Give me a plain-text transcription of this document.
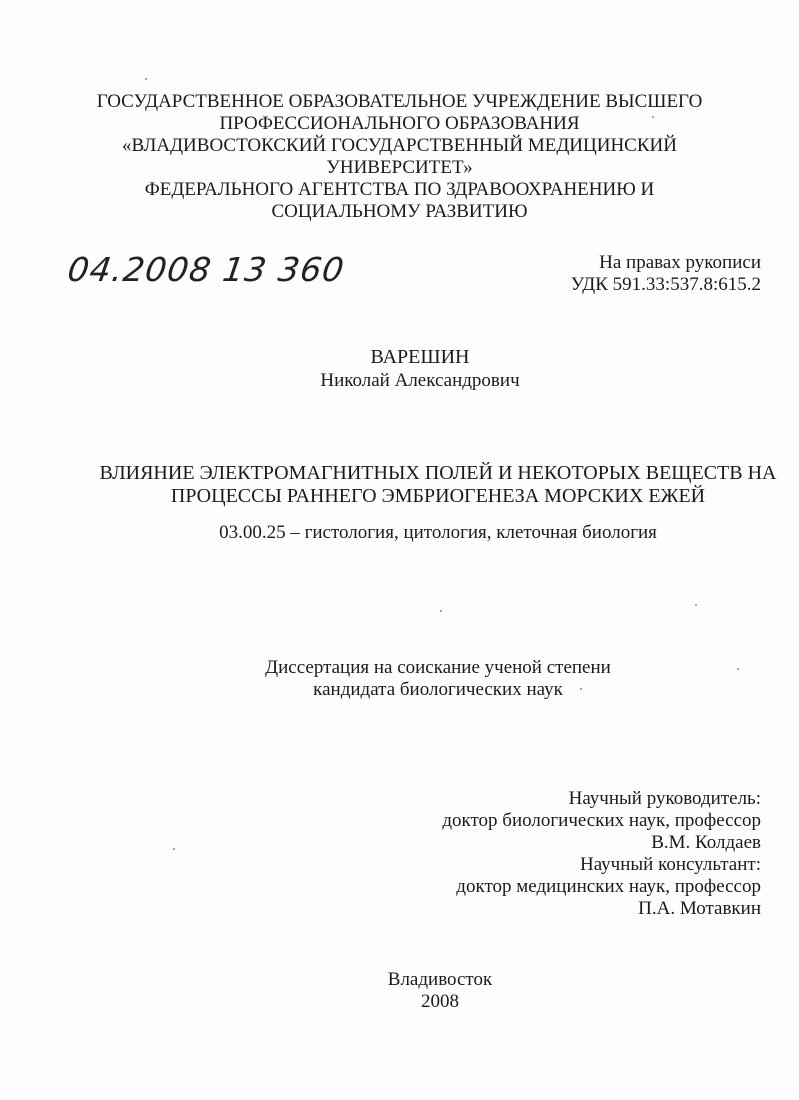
ГОСУДАРСТВЕННОЕ ОБРАЗОВАТЕЛЬНОЕ УЧРЕЖДЕНИЕ ВЫСШЕГО
ПРОФЕССИОНАЛЬНОГО ОБРАЗОВАНИЯ
«ВЛАДИВОСТОКСКИЙ ГОСУДАРСТВЕННЫЙ МЕДИЦИНСКИЙ
УНИВЕРСИТЕТ»
ФЕДЕРАЛЬНОГО АГЕНТСТВА ПО ЗДРАВООХРАНЕНИЮ И
СОЦИАЛЬНОМУ РАЗВИТИЮ
04.2008 13 360	На правах рукописи
УДК 591.33:537.8:615.2
ВАРЕШИН
Николай Александрович
ВЛИЯНИЕ ЭЛЕКТРОМАГНИТНЫХ ПОЛЕЙ И НЕКОТОРЫХ ВЕЩЕСТВ НА
ПРОЦЕССЫ РАННЕГО ЭМБРИОГЕНЕЗА МОРСКИХ ЕЖЕЙ
03.00.25 – гистология, цитология, клеточная биология
Диссертация на соискание ученой степени
кандидата биологических наук
Научный руководитель:
доктор биологических наук, профессор
В.М. Колдаев
Научный консультант:
доктор медицинских наук, профессор
П.А. Мотавкин
Владивосток
2008
